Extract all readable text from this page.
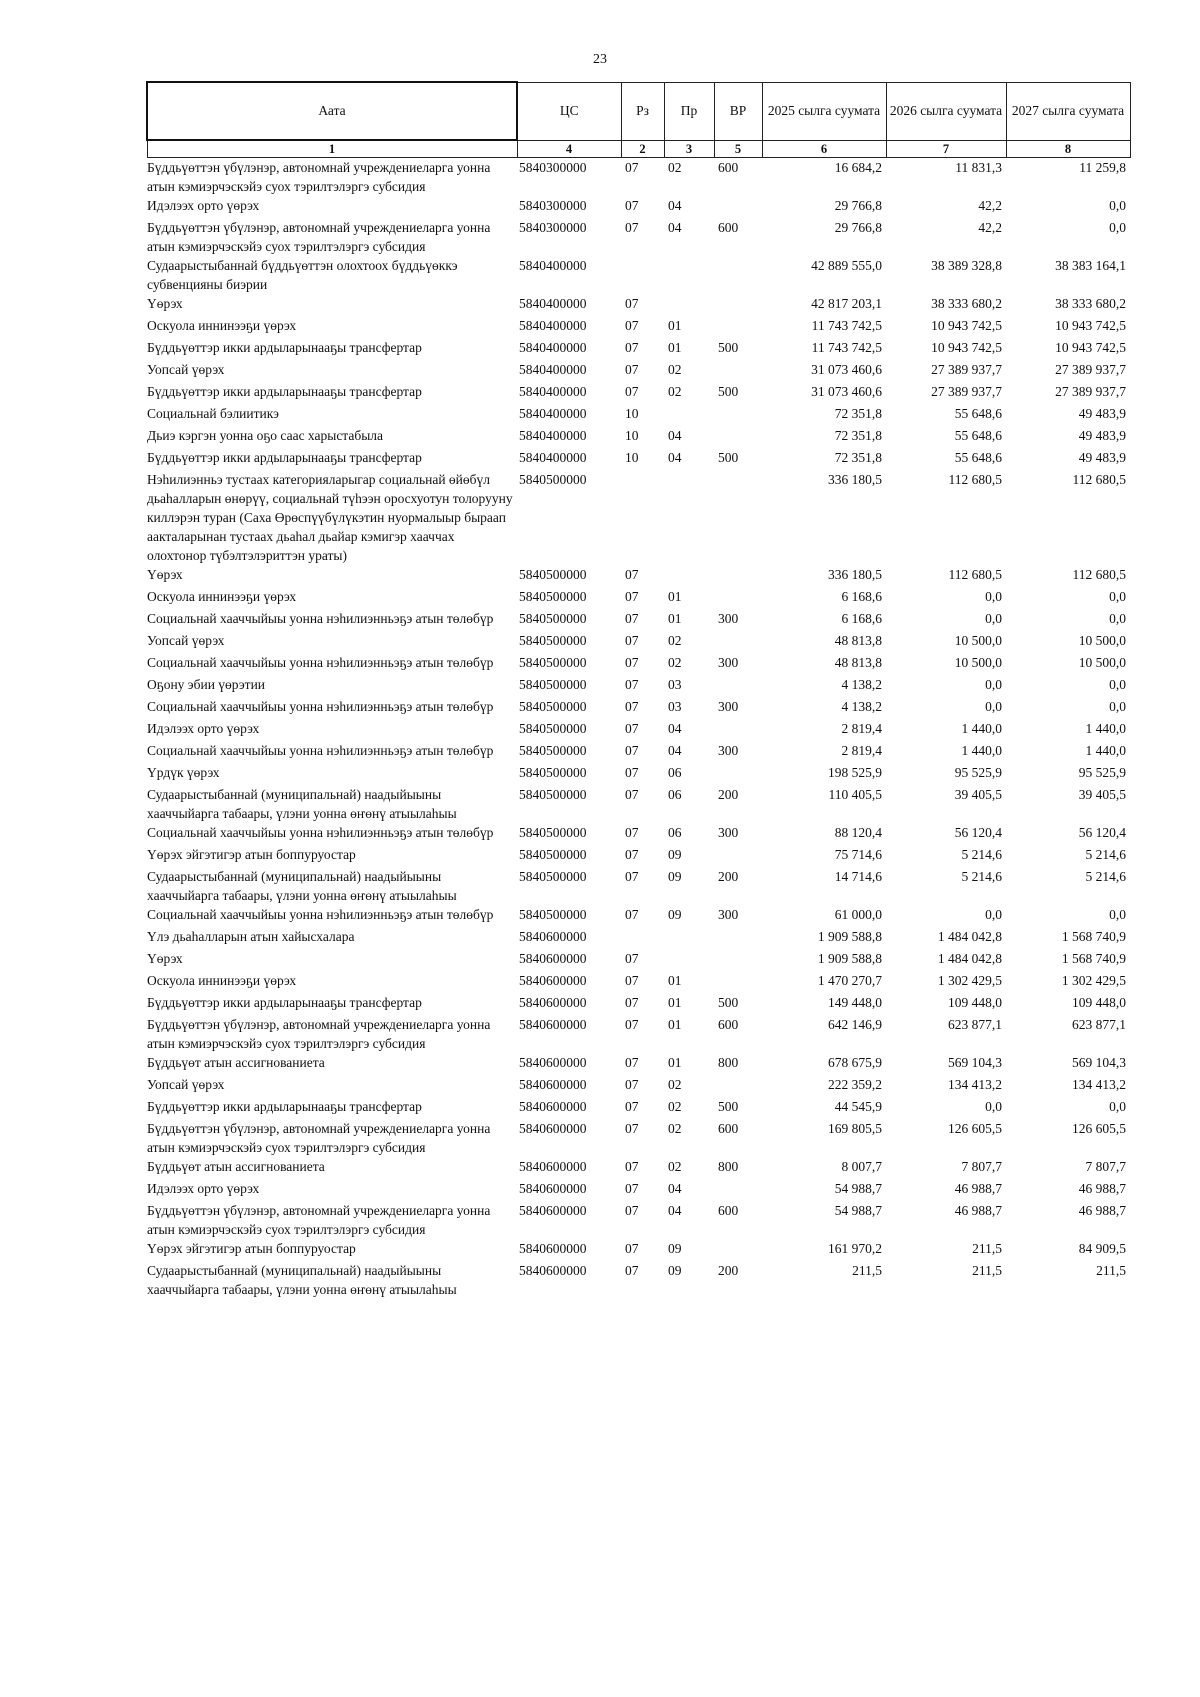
23
Аата	ЦС	Рз	Пр	ВР	2025 сылга суумата	2026 сылга суумата	2027 сылга суумата
1	4	2	3	5	6	7	8
Бүддьүөттэн үбүлэнэр, автономнай учреждениеларга уонна атын кэмиэрчэскэйэ суох тэрилтэлэргэ субсидия	5840300000	07	02	600	16 684,2	11 831,3	11 259,8
Идэлээх орто үөрэх	5840300000	07	04		29 766,8	42,2	0,0
Бүддьүөттэн үбүлэнэр, автономнай учреждениеларга уонна атын кэмиэрчэскэйэ суох тэрилтэлэргэ субсидия	5840300000	07	04	600	29 766,8	42,2	0,0
Судаарыстыбаннай бүддьүөттэн олохтоох бүддьүөккэ субвенцияны биэрии	5840400000				42 889 555,0	38 389 328,8	38 383 164,1
Үөрэх	5840400000	07			42 817 203,1	38 333 680,2	38 333 680,2
Оскуола иннинээҕи үөрэх	5840400000	07	01		11 743 742,5	10 943 742,5	10 943 742,5
Бүддьүөттэр икки ардыларынааҕы трансфертар	5840400000	07	01	500	11 743 742,5	10 943 742,5	10 943 742,5
Уопсай үөрэх	5840400000	07	02		31 073 460,6	27 389 937,7	27 389 937,7
Бүддьүөттэр икки ардыларынааҕы трансфертар	5840400000	07	02	500	31 073 460,6	27 389 937,7	27 389 937,7
Социальнай бэлиитикэ	5840400000	10			72 351,8	55 648,6	49 483,9
Дьиэ кэргэн уонна оҕо саас харыстабыла	5840400000	10	04		72 351,8	55 648,6	49 483,9
Бүддьүөттэр икки ардыларынааҕы трансфертар	5840400000	10	04	500	72 351,8	55 648,6	49 483,9
Нэһилиэнньэ тустаах категорияларыгар социальнай өйөбүл дьаһалларын өнөрүү, социальнай түһээн оросхуотун толорууну киллэрэн туран (Саха Өрөспүүбүлүкэтин нуормалыыр быраап аакталарынан тустаах дьаһал дьайар кэмигэр хааччах олохтонор түбэлтэлэриттэн ураты)	5840500000				336 180,5	112 680,5	112 680,5
Үөрэх	5840500000	07			336 180,5	112 680,5	112 680,5
Оскуола иннинээҕи үөрэх	5840500000	07	01		6 168,6	0,0	0,0
Социальнай хааччыйыы уонна нэһилиэнньэҕэ атын төлөбүр	5840500000	07	01	300	6 168,6	0,0	0,0
Уопсай үөрэх	5840500000	07	02		48 813,8	10 500,0	10 500,0
Социальнай хааччыйыы уонна нэһилиэнньэҕэ атын төлөбүр	5840500000	07	02	300	48 813,8	10 500,0	10 500,0
Оҕону эбии үөрэтии	5840500000	07	03		4 138,2	0,0	0,0
Социальнай хааччыйыы уонна нэһилиэнньэҕэ атын төлөбүр	5840500000	07	03	300	4 138,2	0,0	0,0
Идэлээх орто үөрэх	5840500000	07	04		2 819,4	1 440,0	1 440,0
Социальнай хааччыйыы уонна нэһилиэнньэҕэ атын төлөбүр	5840500000	07	04	300	2 819,4	1 440,0	1 440,0
Үрдүк үөрэх	5840500000	07	06		198 525,9	95 525,9	95 525,9
Судаарыстыбаннай (муниципальнай) наадыйыыны хааччыйарга табаары, үлэни уонна өҥөнү атыылаһыы	5840500000	07	06	200	110 405,5	39 405,5	39 405,5
Социальнай хааччыйыы уонна нэһилиэнньэҕэ атын төлөбүр	5840500000	07	06	300	88 120,4	56 120,4	56 120,4
Үөрэх эйгэтигэр атын боппуруостар	5840500000	07	09		75 714,6	5 214,6	5 214,6
Судаарыстыбаннай (муниципальнай) наадыйыыны хааччыйарга табаары, үлэни уонна өҥөнү атыылаһыы	5840500000	07	09	200	14 714,6	5 214,6	5 214,6
Социальнай хааччыйыы уонна нэһилиэнньэҕэ атын төлөбүр	5840500000	07	09	300	61 000,0	0,0	0,0
Үлэ дьаһалларын атын хайысхалара	5840600000				1 909 588,8	1 484 042,8	1 568 740,9
Үөрэх	5840600000	07			1 909 588,8	1 484 042,8	1 568 740,9
Оскуола иннинээҕи үөрэх	5840600000	07	01		1 470 270,7	1 302 429,5	1 302 429,5
Бүддьүөттэр икки ардыларынааҕы трансфертар	5840600000	07	01	500	149 448,0	109 448,0	109 448,0
Бүддьүөттэн үбүлэнэр, автономнай учреждениеларга уонна атын кэмиэрчэскэйэ суох тэрилтэлэргэ субсидия	5840600000	07	01	600	642 146,9	623 877,1	623 877,1
Бүддьүөт атын ассигнованиета	5840600000	07	01	800	678 675,9	569 104,3	569 104,3
Уопсай үөрэх	5840600000	07	02		222 359,2	134 413,2	134 413,2
Бүддьүөттэр икки ардыларынааҕы трансфертар	5840600000	07	02	500	44 545,9	0,0	0,0
Бүддьүөттэн үбүлэнэр, автономнай учреждениеларга уонна атын кэмиэрчэскэйэ суох тэрилтэлэргэ субсидия	5840600000	07	02	600	169 805,5	126 605,5	126 605,5
Бүддьүөт атын ассигнованиета	5840600000	07	02	800	8 007,7	7 807,7	7 807,7
Идэлээх орто үөрэх	5840600000	07	04		54 988,7	46 988,7	46 988,7
Бүддьүөттэн үбүлэнэр, автономнай учреждениеларга уонна атын кэмиэрчэскэйэ суох тэрилтэлэргэ субсидия	5840600000	07	04	600	54 988,7	46 988,7	46 988,7
Үөрэх эйгэтигэр атын боппуруостар	5840600000	07	09		161 970,2	211,5	84 909,5
Судаарыстыбаннай (муниципальнай) наадыйыыны хааччыйарга табаары, үлэни уонна өҥөнү атыылаһыы	5840600000	07	09	200	211,5	211,5	211,5
